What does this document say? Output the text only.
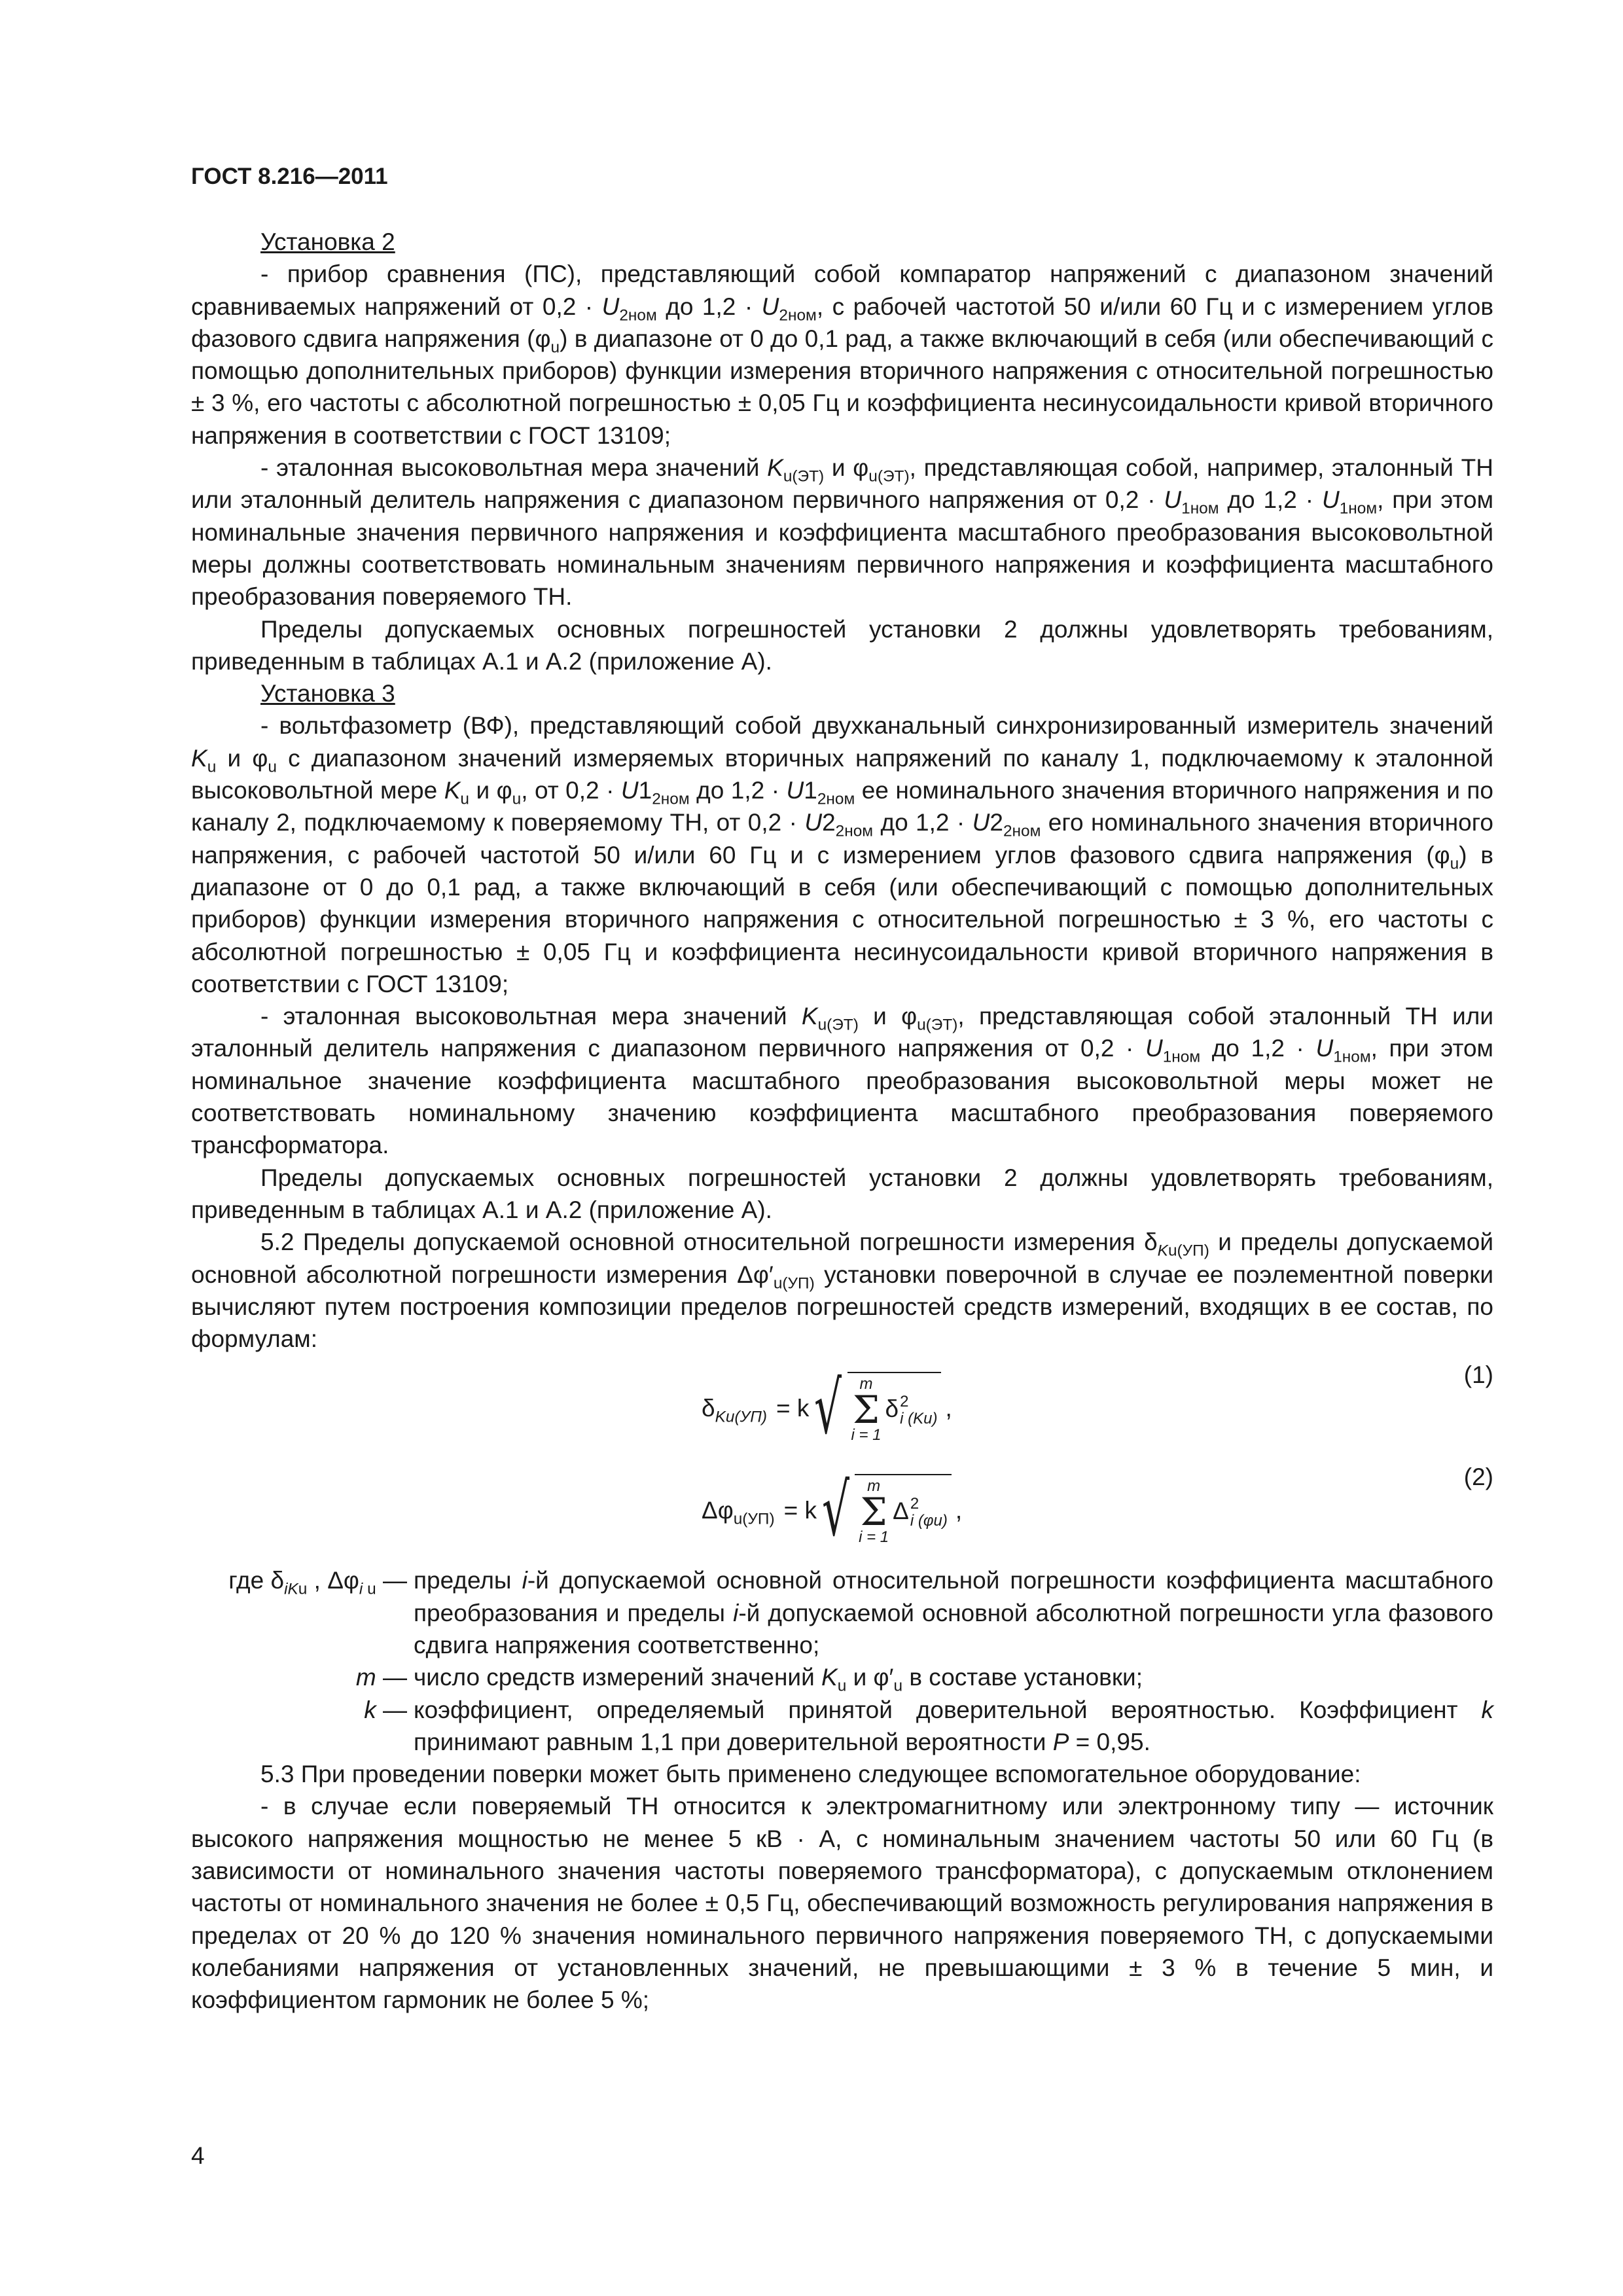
ГОСТ 8.216—2011

Установка 2

- прибор сравнения (ПС), представляющий собой компаратор напряжений с диапазоном значений сравниваемых напряжений от $0,2 \cdot U_{2ном}$ до $1,2 \cdot U_{2ном}$, с рабочей частотой 50 и/или 60 Гц и с измерением углов фазового сдвига напряжения $(\varphi_u)$ в диапазоне от 0 до 0,1 рад, а также включающий в себя (или обеспечивающий с помощью дополнительных приборов) функции измерения вторичного напряжения с относительной погрешностью ± 3 %, его частоты с абсолютной погрешностью ± 0,05 Гц и коэффициента несинусоидальности кривой вторичного напряжения в соответствии с ГОСТ 13109;

- эталонная высоковольтная мера значений $K_{u(ЭТ)}$ и $\varphi_{u(ЭТ)}$, представляющая собой, например, эталонный ТН или эталонный делитель напряжения с диапазоном первичного напряжения от $0,2 \cdot U_{1ном}$ до $1,2 \cdot U_{1ном}$, при этом номинальные значения первичного напряжения и коэффициента масштабного преобразования высоковольтной меры должны соответствовать номинальным значениям первичного напряжения и коэффициента масштабного преобразования поверяемого ТН.

Пределы допускаемых основных погрешностей установки 2 должны удовлетворять требованиям, приведенным в таблицах А.1 и А.2 (приложение А).

Установка 3

- вольтфазометр (ВФ), представляющий собой двухканальный синхронизированный измеритель значений $K_u$ и $\varphi_u$ с диапазоном значений измеряемых вторичных напряжений по каналу 1, подключаемому к эталонной высоковольтной мере $K_u$ и $\varphi_u$, от $0,2 \cdot U1_{2ном}$ до $1,2 \cdot U1_{2ном}$ ее номинального значения вторичного напряжения и по каналу 2, подключаемому к поверяемому ТН, от $0,2 \cdot U2_{2ном}$ до $1,2 \cdot U2_{2ном}$ его номинального значения вторичного напряжения, с рабочей частотой 50 и/или 60 Гц и с измерением углов фазового сдвига напряжения $(\varphi_u)$ в диапазоне от 0 до 0,1 рад, а также включающий в себя (или обеспечивающий с помощью дополнительных приборов) функции измерения вторичного напряжения с относительной погрешностью ± 3 %, его частоты с абсолютной погрешностью ± 0,05 Гц и коэффициента несинусоидальности кривой вторичного напряжения в соответствии с ГОСТ 13109;

- эталонная высоковольтная мера значений $K_{u(ЭТ)}$ и $\varphi_{u(ЭТ)}$, представляющая собой эталонный ТН или эталонный делитель напряжения с диапазоном первичного напряжения от $0,2 \cdot U_{1ном}$ до $1,2 \cdot U_{1ном}$, при этом номинальное значение коэффициента масштабного преобразования высоковольтной меры может не соответствовать номинальному значению коэффициента масштабного преобразования поверяемого трансформатора.

Пределы допускаемых основных погрешностей установки 2 должны удовлетворять требованиям, приведенным в таблицах А.1 и А.2 (приложение А).

5.2 Пределы допускаемой основной относительной погрешности измерения $\delta_{Ku(УП)}$ и пределы допускаемой основной абсолютной погрешности измерения $\Delta\varphi'_{u(УП)}$ установки поверочной в случае ее поэлементной поверки вычисляют путем построения композиции пределов погрешностей средств измерений, входящих в ее состав, по формулам:

$\delta_{Ku(УП)} = k$ √ m
Σ
i = 1
δ 2
i (Ku) ,
(1)
$\Delta\varphi_{u(УП)} = k$ √ m
Σ
i = 1
Δ 2
i (φu) ,
(2)
где $\delta_{iKu}$ , $\Delta\varphi_{i u}$ — пределы i-й допускаемой основной относительной погрешности коэффициента масштабного преобразования и пределы i-й допускаемой основной абсолютной погрешности угла фазового сдвига напряжения соответственно;
m — число средств измерений значений $K_u$ и $\varphi'_u$ в составе установки;
k — коэффициент, определяемый принятой доверительной вероятностью. Коэффициент k принимают равным 1,1 при доверительной вероятности P = 0,95.

5.3 При проведении поверки может быть применено следующее вспомогательное оборудование:

- в случае если поверяемый ТН относится к электромагнитному или электронному типу — источник высокого напряжения мощностью не менее 5 кВ · А, с номинальным значением частоты 50 или 60 Гц (в зависимости от номинального значения частоты поверяемого трансформатора), с допускаемым отклонением частоты от номинального значения не более ± 0,5 Гц, обеспечивающий возможность регулирования напряжения в пределах от 20 % до 120 % значения номинального первичного напряжения поверяемого ТН, с допускаемыми колебаниями напряжения от установленных значений, не превышающими ± 3 % в течение 5 мин, и коэффициентом гармоник не более 5 %;

4
